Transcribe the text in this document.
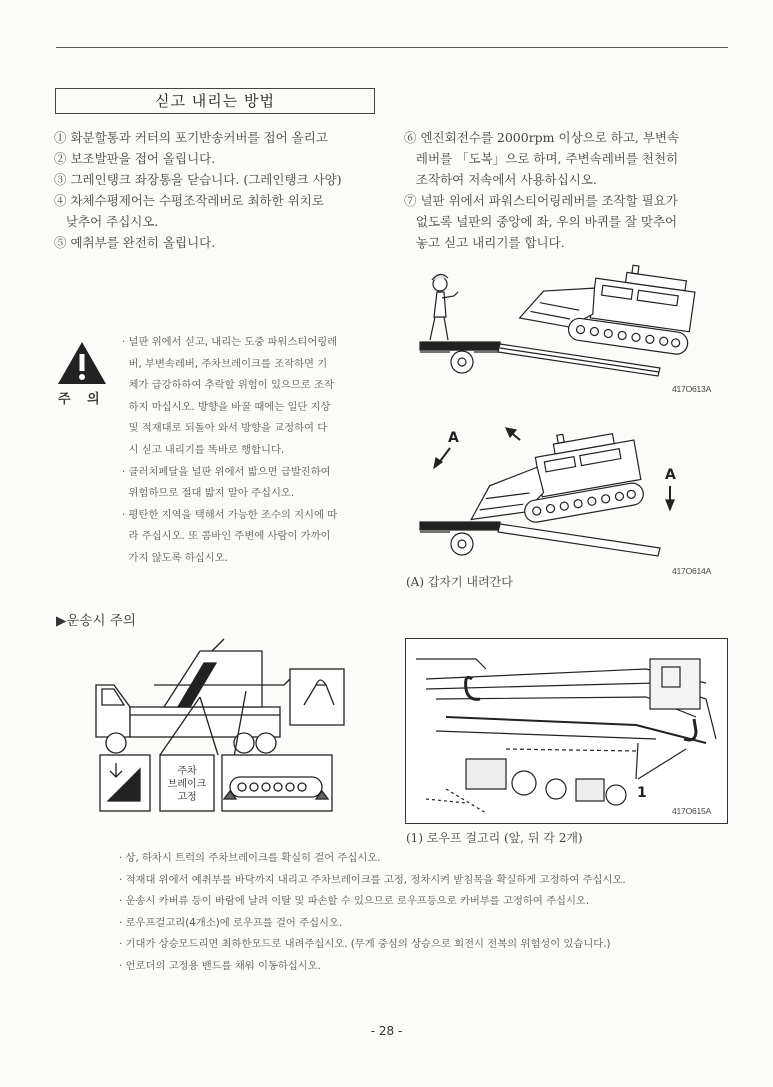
싣고 내리는 방법
① 화분할통과 커터의 포기반송커버를 접어 올리고
② 보조발판을 접어 올립니다.
③ 그레인탱크 좌장통을 닫습니다. (그레인탱크 사양)
④ 차체수평제어는 수평조작레버로 최하한 위치로
낮추어 주십시오.
⑤ 예취부를 완전히 올립니다.
⑥ 엔진회전수를 2000rpm 이상으로 하고, 부변속
레버를 「도복」으로 하며, 주변속레버를 천천히
조작하여 저속에서 사용하십시오.
⑦ 널판 위에서 파워스티어링레버를 조작할 필요가
없도록 널판의 중앙에 좌, 우의 바퀴를 잘 맞추어
놓고 싣고 내리기를 합니다.
주 의
· 널판 위에서 싣고, 내리는 도중 파워스티어링레
버, 부변속레버, 주차브레이크를 조작하면 기
체가 급강하하여 추락할 위험이 있으므로 조작
하지 마십시오. 방향을 바꿀 때에는 일단 지상
및 적재대로 되돌아 와서 방향을 교정하여 다
시 싣고 내리기를 똑바로 행합니다.
· 클러치페달을 널판 위에서 밟으면 급발진하여
위험하므로 절대 밟지 말아 주십시오.
· 평탄한 지역을 택해서 가능한 조수의 지시에 따
라 주십시오. 또 콤바인 주변에 사람이 가까이
가지 않도록 하십시오.
417O613A
A
A
417O614A
(A) 갑자기 내려간다
▶운송시 주의
주차
브레이크
고정	1
417O615A
(1) 로우프 걸고리 (앞, 뒤 각 2개)
· 상, 하차시 트럭의 주차브레이크를 확실히 걸어 주십시오.
· 적재대 위에서 예취부를 바닥까지 내리고 주차브레이크를 고정, 정차시켜 받침목을 확실하게 고정하여 주십시오.
· 운송시 카버류 등이 바람에 날려 이탈 및 파손할 수 있으므로 로우프등으로 카버부를 고정하여 주십시오.
· 로우프걸고리(4개소)에 로우프를 걸어 주십시오.
· 기대가 상승모드리면 최하한모드로 내려주십시오. (무게 중심의 상승으로 회전시 전복의 위험성이 있습니다.)
· 언로더의 고정용 밴드를 채워 이동하십시오.
- 28 -
